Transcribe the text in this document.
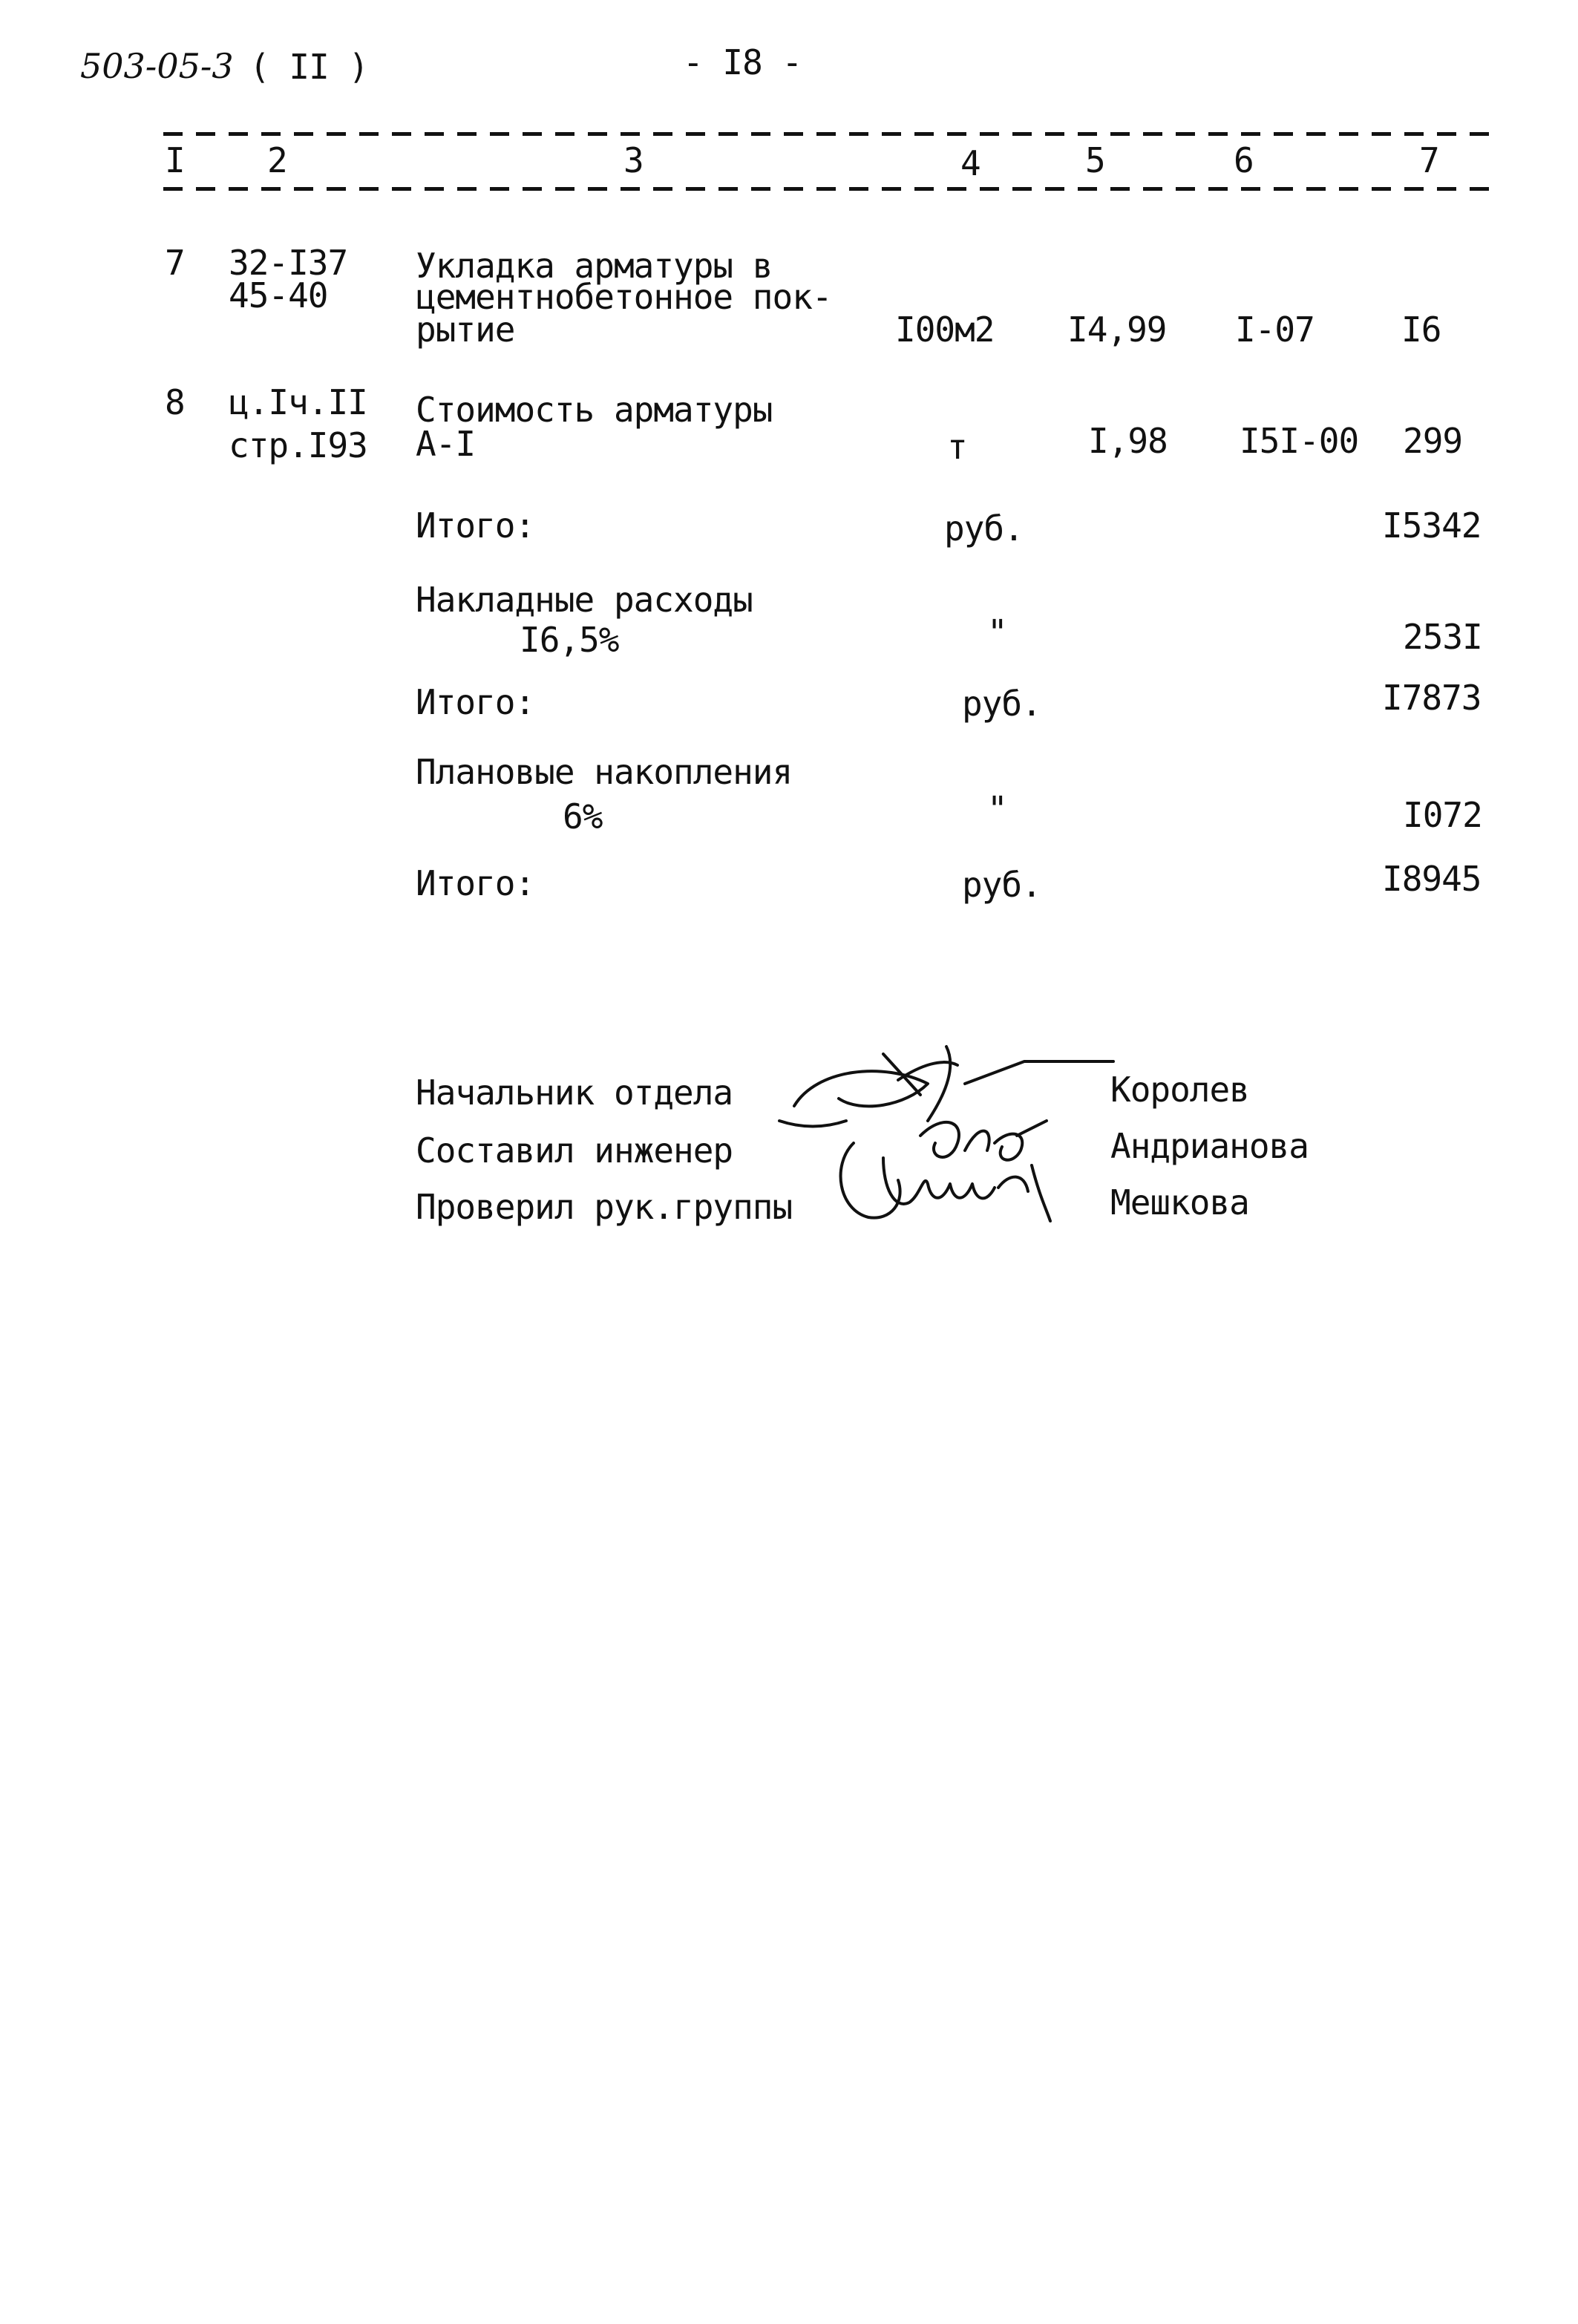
503-05-3 ( II )	- I8 -
I 2	3	4	5	6	7
7 32-I37
45-40
Укладка арматуры в
цементнобетонное пок-
рытие	I00м2 I4,99 I-07	I6
8 ц.Iч.II
стр.I93
Стоимость арматуры
А-I	т	I,98 I5I-00 299
Итого:	руб.	I5342
Накладные расходы
I6,5%	"	253I
Итого:	руб.	I7873
Плановые накопления
6%	"	I072
Итого:	руб.	I8945
Начальник отдела	Королев
Составил инженер	Андрианова
Проверил рук.группы	Мешкова
